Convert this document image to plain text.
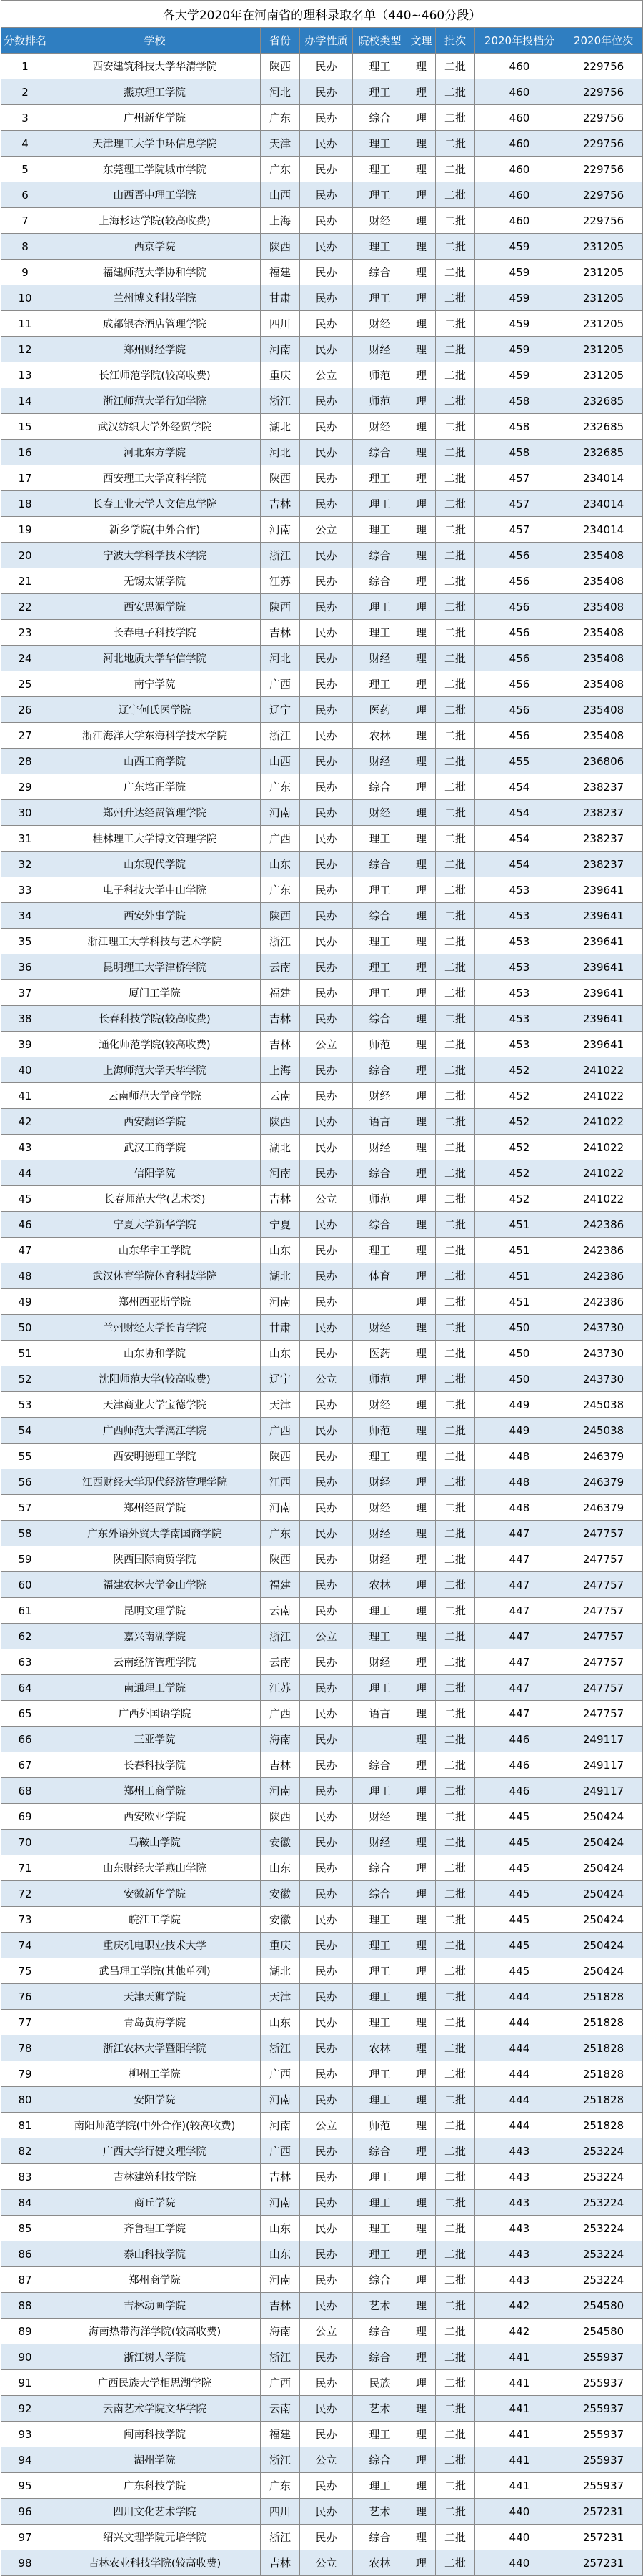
各大学2020年在河南省的理科录取名单（440~460分段）								
分数排名	学校	省份	办学性质	院校类型	文理	批次	2020年投档分	2020年位次
1	西安建筑科技大学华清学院	陕西	民办	理工	理	二批	460	229756
2	燕京理工学院	河北	民办	理工	理	二批	460	229756
3	广州新华学院	广东	民办	综合	理	二批	460	229756
4	天津理工大学中环信息学院	天津	民办	理工	理	二批	460	229756
5	东莞理工学院城市学院	广东	民办	理工	理	二批	460	229756
6	山西晋中理工学院	山西	民办	理工	理	二批	460	229756
7	上海杉达学院(较高收费)	上海	民办	财经	理	二批	460	229756
8	西京学院	陕西	民办	理工	理	二批	459	231205
9	福建师范大学协和学院	福建	民办	综合	理	二批	459	231205
10	兰州博文科技学院	甘肃	民办	理工	理	二批	459	231205
11	成都银杏酒店管理学院	四川	民办	财经	理	二批	459	231205
12	郑州财经学院	河南	民办	财经	理	二批	459	231205
13	长江师范学院(较高收费)	重庆	公立	师范	理	二批	459	231205
14	浙江师范大学行知学院	浙江	民办	师范	理	二批	458	232685
15	武汉纺织大学外经贸学院	湖北	民办	财经	理	二批	458	232685
16	河北东方学院	河北	民办	综合	理	二批	458	232685
17	西安理工大学高科学院	陕西	民办	理工	理	二批	457	234014
18	长春工业大学人文信息学院	吉林	民办	理工	理	二批	457	234014
19	新乡学院(中外合作)	河南	公立	理工	理	二批	457	234014
20	宁波大学科学技术学院	浙江	民办	综合	理	二批	456	235408
21	无锡太湖学院	江苏	民办	综合	理	二批	456	235408
22	西安思源学院	陕西	民办	理工	理	二批	456	235408
23	长春电子科技学院	吉林	民办	理工	理	二批	456	235408
24	河北地质大学华信学院	河北	民办	财经	理	二批	456	235408
25	南宁学院	广西	民办	理工	理	二批	456	235408
26	辽宁何氏医学院	辽宁	民办	医药	理	二批	456	235408
27	浙江海洋大学东海科学技术学院	浙江	民办	农林	理	二批	456	235408
28	山西工商学院	山西	民办	财经	理	二批	455	236806
29	广东培正学院	广东	民办	综合	理	二批	454	238237
30	郑州升达经贸管理学院	河南	民办	财经	理	二批	454	238237
31	桂林理工大学博文管理学院	广西	民办	理工	理	二批	454	238237
32	山东现代学院	山东	民办	综合	理	二批	454	238237
33	电子科技大学中山学院	广东	民办	理工	理	二批	453	239641
34	西安外事学院	陕西	民办	综合	理	二批	453	239641
35	浙江理工大学科技与艺术学院	浙江	民办	理工	理	二批	453	239641
36	昆明理工大学津桥学院	云南	民办	理工	理	二批	453	239641
37	厦门工学院	福建	民办	理工	理	二批	453	239641
38	长春科技学院(较高收费)	吉林	民办	综合	理	二批	453	239641
39	通化师范学院(较高收费)	吉林	公立	师范	理	二批	453	239641
40	上海师范大学天华学院	上海	民办	综合	理	二批	452	241022
41	云南师范大学商学院	云南	民办	财经	理	二批	452	241022
42	西安翻译学院	陕西	民办	语言	理	二批	452	241022
43	武汉工商学院	湖北	民办	财经	理	二批	452	241022
44	信阳学院	河南	民办	综合	理	二批	452	241022
45	长春师范大学(艺术类)	吉林	公立	师范	理	二批	452	241022
46	宁夏大学新华学院	宁夏	民办	综合	理	二批	451	242386
47	山东华宇工学院	山东	民办	理工	理	二批	451	242386
48	武汉体育学院体育科技学院	湖北	民办	体育	理	二批	451	242386
49	郑州西亚斯学院	河南	民办		理	二批	451	242386
50	兰州财经大学长青学院	甘肃	民办	财经	理	二批	450	243730
51	山东协和学院	山东	民办	医药	理	二批	450	243730
52	沈阳师范大学(较高收费)	辽宁	公立	师范	理	二批	450	243730
53	天津商业大学宝德学院	天津	民办	财经	理	二批	449	245038
54	广西师范大学漓江学院	广西	民办	师范	理	二批	449	245038
55	西安明德理工学院	陕西	民办	理工	理	二批	448	246379
56	江西财经大学现代经济管理学院	江西	民办	财经	理	二批	448	246379
57	郑州经贸学院	河南	民办	财经	理	二批	448	246379
58	广东外语外贸大学南国商学院	广东	民办	财经	理	二批	447	247757
59	陕西国际商贸学院	陕西	民办	财经	理	二批	447	247757
60	福建农林大学金山学院	福建	民办	农林	理	二批	447	247757
61	昆明文理学院	云南	民办	理工	理	二批	447	247757
62	嘉兴南湖学院	浙江	公立	理工	理	二批	447	247757
63	云南经济管理学院	云南	民办	财经	理	二批	447	247757
64	南通理工学院	江苏	民办	理工	理	二批	447	247757
65	广西外国语学院	广西	民办	语言	理	二批	447	247757
66	三亚学院	海南	民办		理	二批	446	249117
67	长春科技学院	吉林	民办	综合	理	二批	446	249117
68	郑州工商学院	河南	民办	理工	理	二批	446	249117
69	西安欧亚学院	陕西	民办	财经	理	二批	445	250424
70	马鞍山学院	安徽	民办	财经	理	二批	445	250424
71	山东财经大学燕山学院	山东	民办	综合	理	二批	445	250424
72	安徽新华学院	安徽	民办	综合	理	二批	445	250424
73	皖江工学院	安徽	民办	理工	理	二批	445	250424
74	重庆机电职业技术大学	重庆	民办	理工	理	二批	445	250424
75	武昌理工学院(其他单列)	湖北	民办	理工	理	二批	445	250424
76	天津天狮学院	天津	民办	理工	理	二批	444	251828
77	青岛黄海学院	山东	民办	理工	理	二批	444	251828
78	浙江农林大学暨阳学院	浙江	民办	农林	理	二批	444	251828
79	柳州工学院	广西	民办	理工	理	二批	444	251828
80	安阳学院	河南	民办	理工	理	二批	444	251828
81	南阳师范学院(中外合作)(较高收费)	河南	公立	师范	理	二批	444	251828
82	广西大学行健文理学院	广西	民办	综合	理	二批	443	253224
83	吉林建筑科技学院	吉林	民办	理工	理	二批	443	253224
84	商丘学院	河南	民办	理工	理	二批	443	253224
85	齐鲁理工学院	山东	民办	理工	理	二批	443	253224
86	泰山科技学院	山东	民办	理工	理	二批	443	253224
87	郑州商学院	河南	民办	综合	理	二批	443	253224
88	吉林动画学院	吉林	民办	艺术	理	二批	442	254580
89	海南热带海洋学院(较高收费)	海南	公立	综合	理	二批	442	254580
90	浙江树人学院	浙江	民办	综合	理	二批	441	255937
91	广西民族大学相思湖学院	广西	民办	民族	理	二批	441	255937
92	云南艺术学院文华学院	云南	民办	艺术	理	二批	441	255937
93	闽南科技学院	福建	民办	理工	理	二批	441	255937
94	湖州学院	浙江	公立	综合	理	二批	441	255937
95	广东科技学院	广东	民办	理工	理	二批	441	255937
96	四川文化艺术学院	四川	民办	艺术	理	二批	440	257231
97	绍兴文理学院元培学院	浙江	民办	综合	理	二批	440	257231
98	吉林农业科技学院(较高收费)	吉林	公立	农林	理	二批	440	257231
